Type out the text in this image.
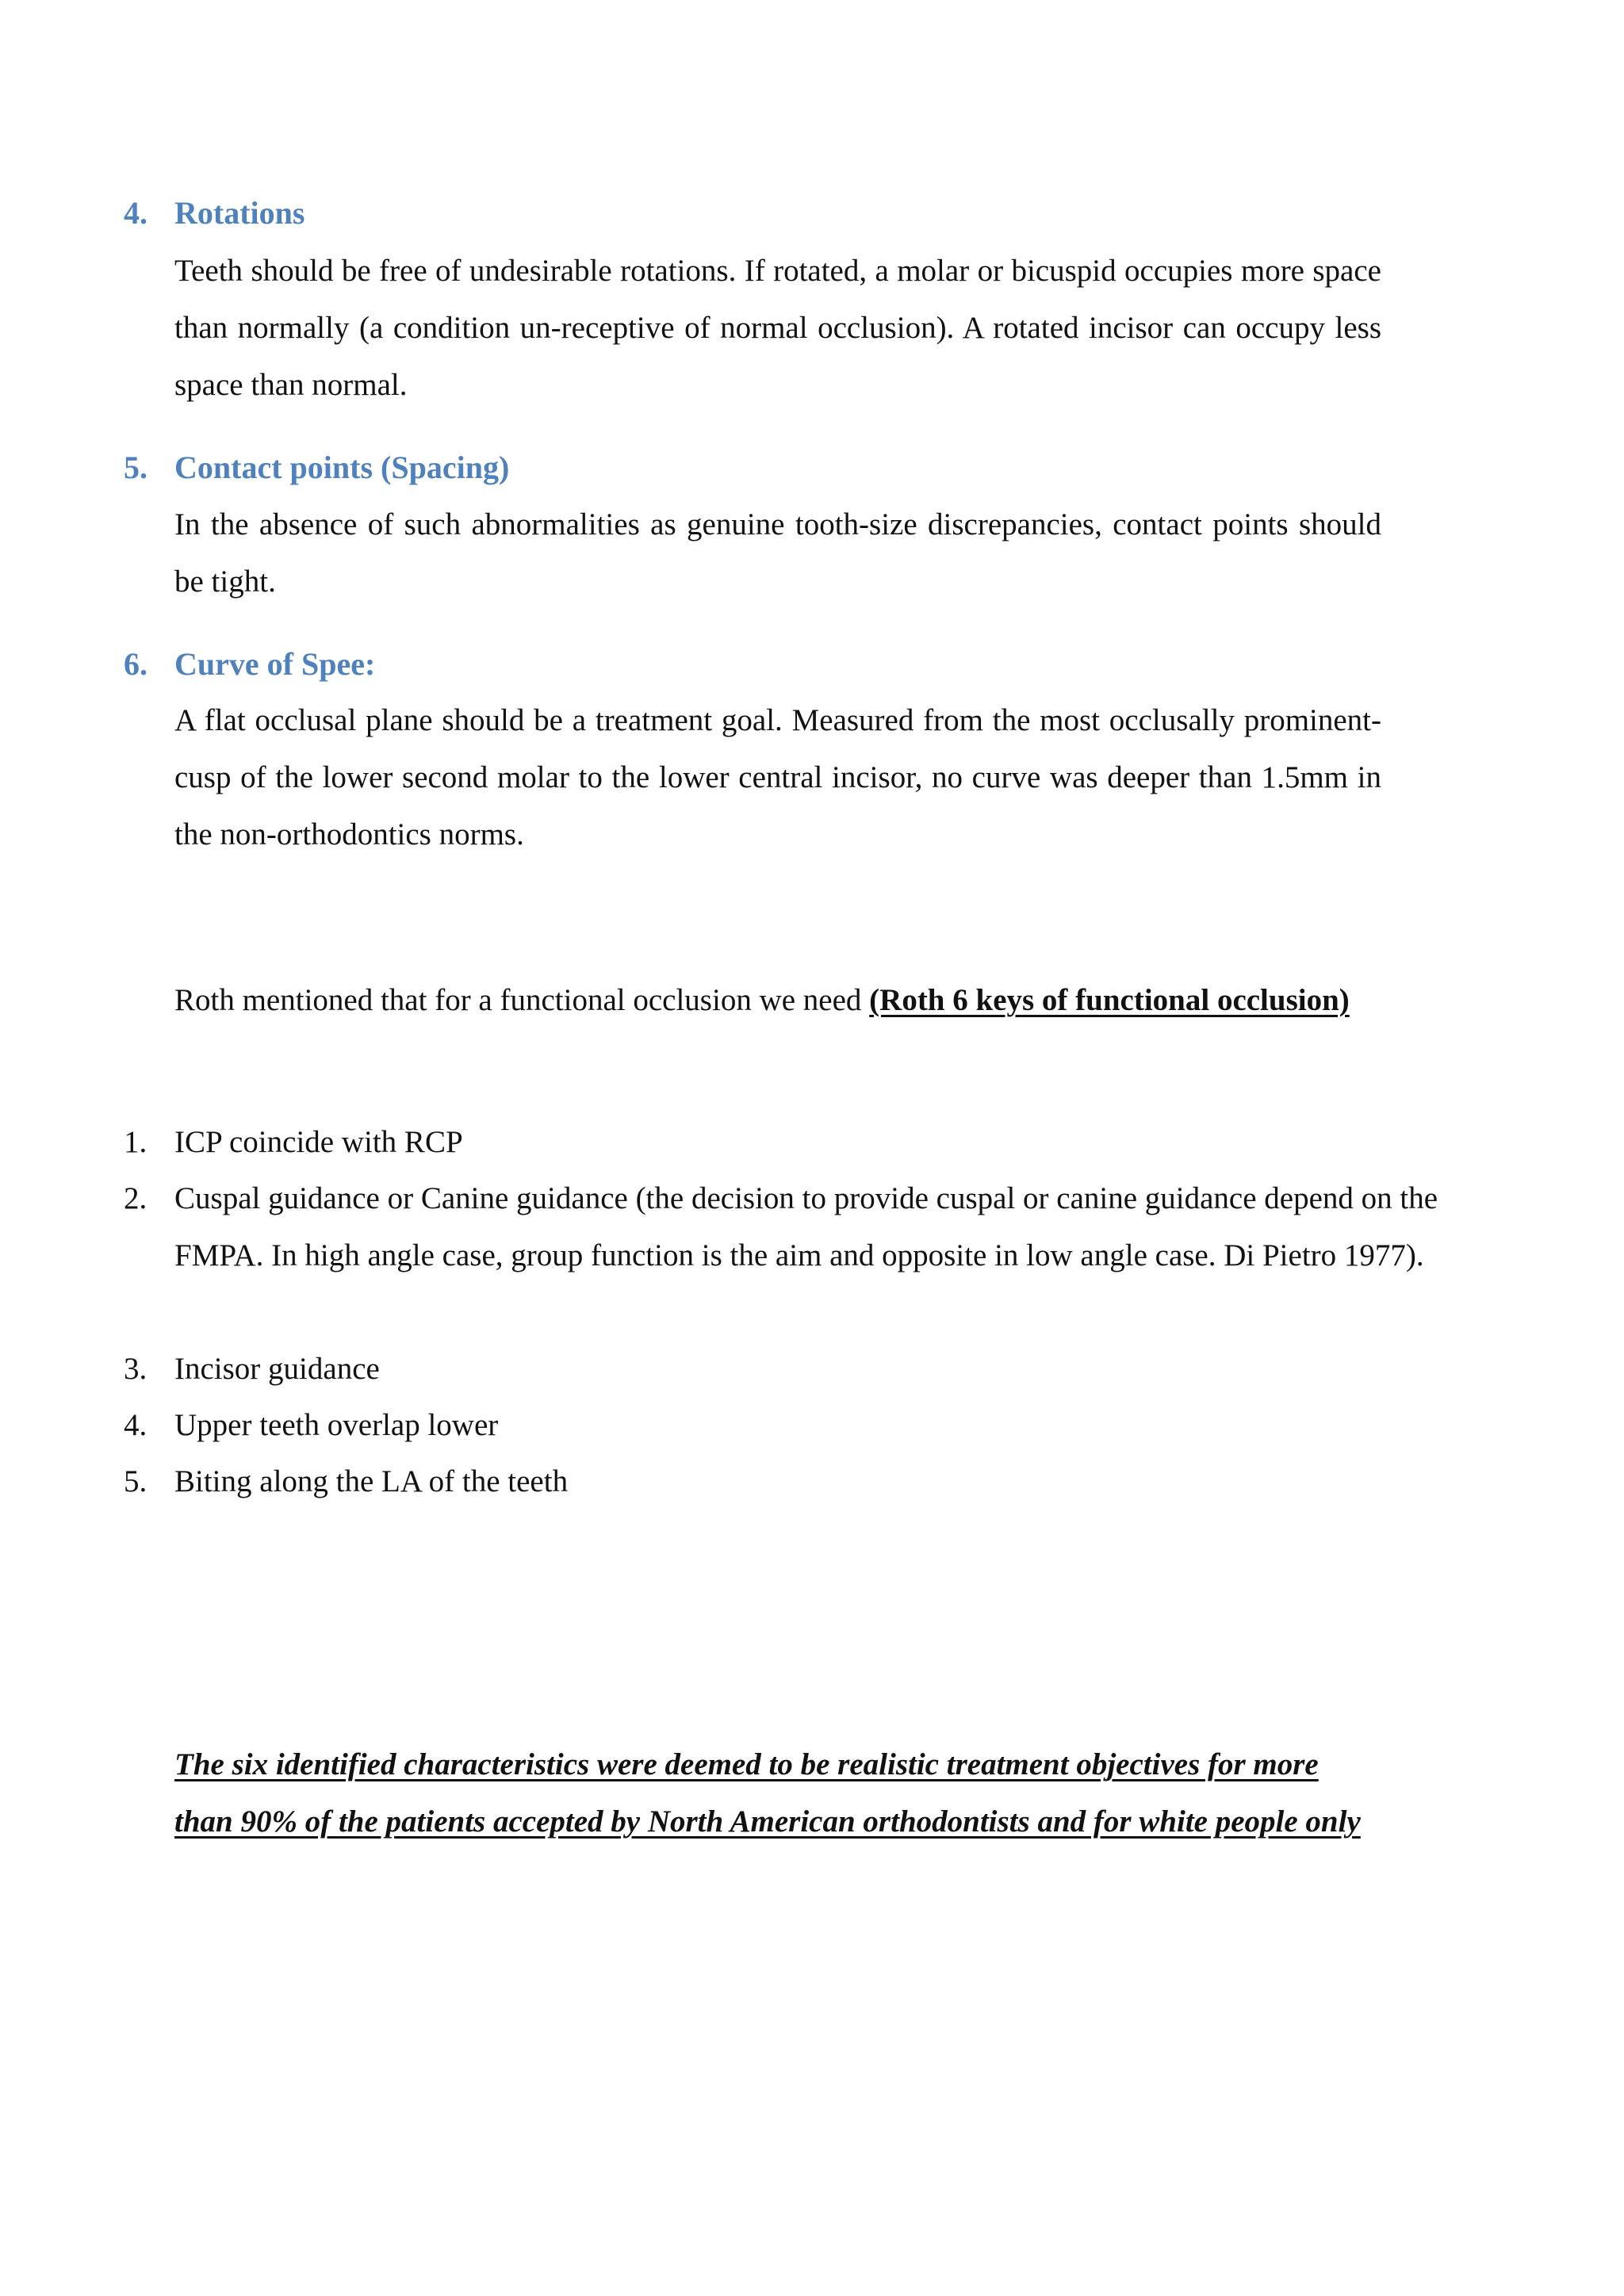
4. Rotations
Teeth should be free of undesirable rotations. If rotated, a molar or bicuspid occupies more space than normally (a condition un-receptive of normal occlusion). A rotated incisor can occupy less space than normal.
5. Contact points (Spacing)
In the absence of such abnormalities as genuine tooth-size discrepancies, contact points should be tight.
6. Curve of Spee:
A flat occlusal plane should be a treatment goal. Measured from the most occlusally prominent-cusp of the lower second molar to the lower central incisor, no curve was deeper than 1.5mm in the non-orthodontics norms.
Roth mentioned that for a functional occlusion we need (Roth 6 keys of functional occlusion)
1. ICP coincide with RCP
2. Cuspal guidance or Canine guidance (the decision to provide cuspal or canine guidance depend on the FMPA. In high angle case, group function is the aim and opposite in low angle case. Di Pietro 1977).
3. Incisor guidance
4. Upper teeth overlap lower
5. Biting along the LA of the teeth
The six identified characteristics were deemed to be realistic treatment objectives for more than 90% of the patients accepted by North American orthodontists and for white people only
